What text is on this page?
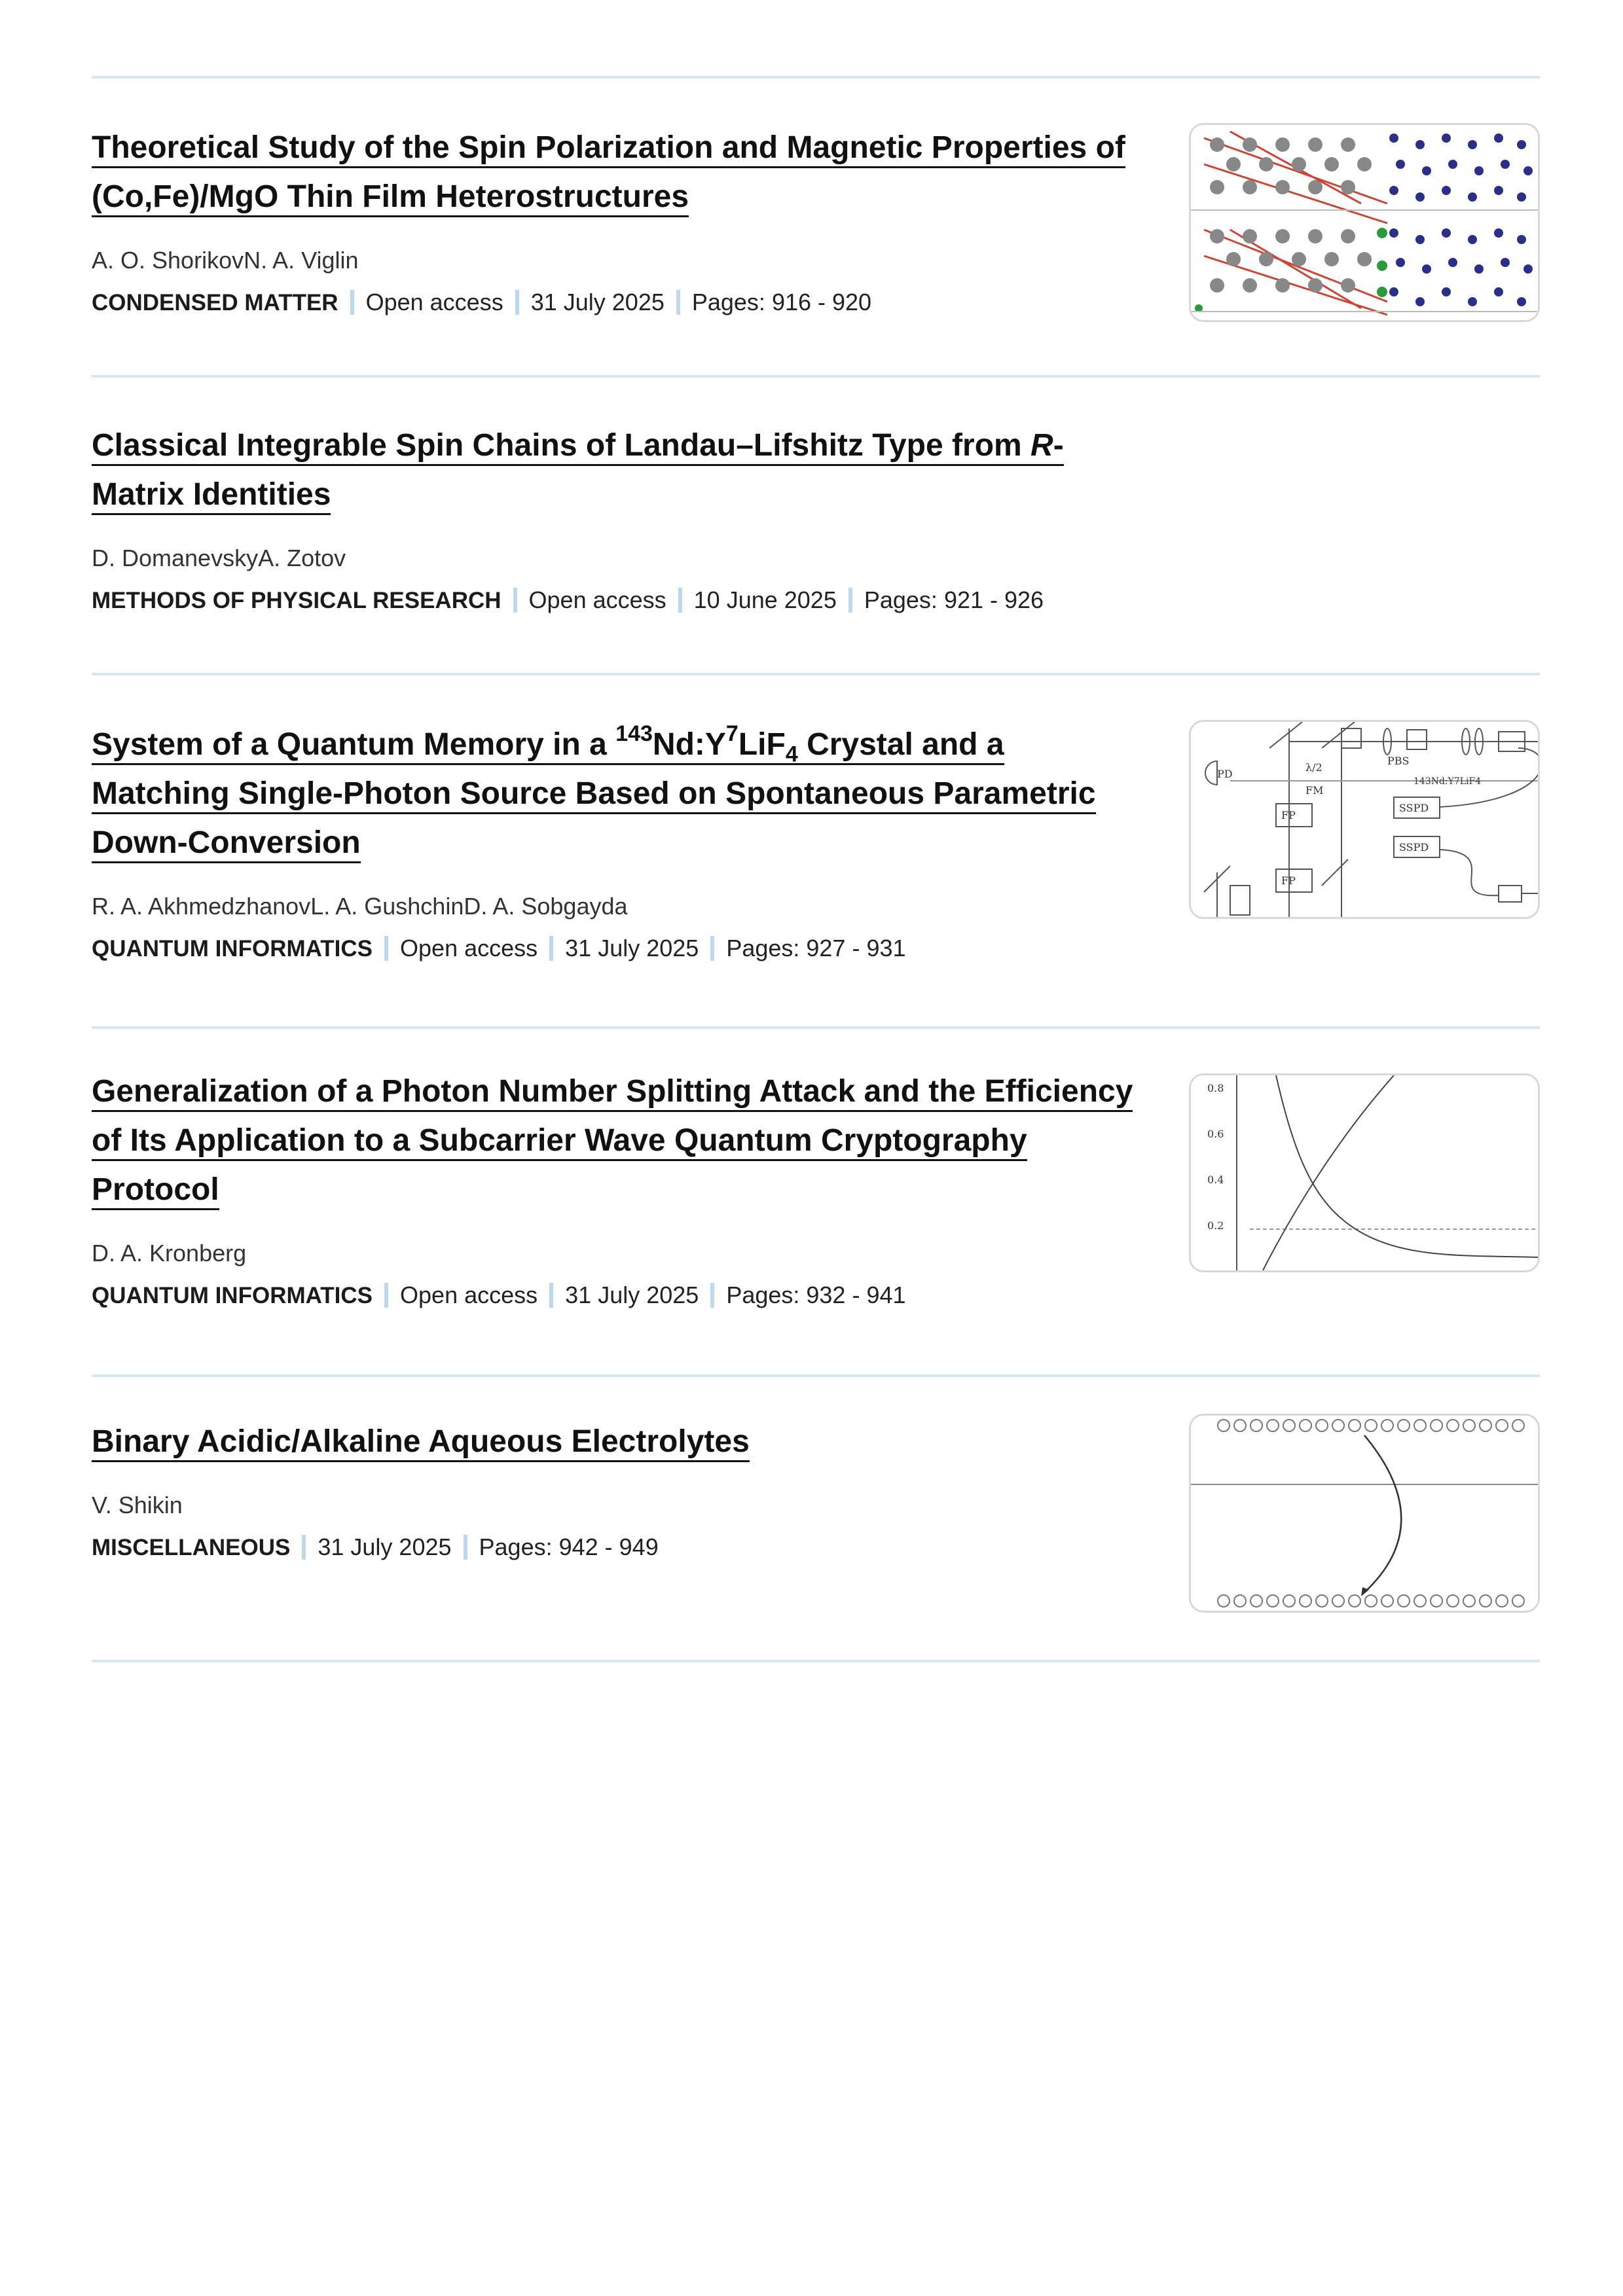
Theoretical Study of the Spin Polarization and Magnetic Properties of (Co,Fe)/MgO Thin Film Heterostructures
A. O. ShorikovN. A. Viglin
CONDENSED MATTER Open access 31 July 2025 Pages: 916 - 920
Classical Integrable Spin Chains of Landau–Lifshitz Type from R-Matrix Identities
D. DomanevskyA. Zotov
METHODS OF PHYSICAL RESEARCH Open access 10 June 2025 Pages: 921 - 926
System of a Quantum Memory in a $^{143}$Nd:Y$^7$LiF$_4$ Crystal and a Matching Single-Photon Source Based on Spontaneous Parametric Down-Conversion
R. A. AkhmedzhanovL. A. GushchinD. A. Sobgayda
QUANTUM INFORMATICS Open access 31 July 2025 Pages: 927 - 931
PD
λ/2
FM
PBS
FP
FP
143Nd:Y7LiF4
SSPD
SSPD
Generalization of a Photon Number Splitting Attack and the Efficiency of Its Application to a Subcarrier Wave Quantum Cryptography Protocol
D. A. Kronberg
QUANTUM INFORMATICS Open access 31 July 2025 Pages: 932 - 941
0.8
0.6
0.4
0.2
Binary Acidic/Alkaline Aqueous Electrolytes
V. Shikin
MISCELLANEOUS 31 July 2025 Pages: 942 - 949
